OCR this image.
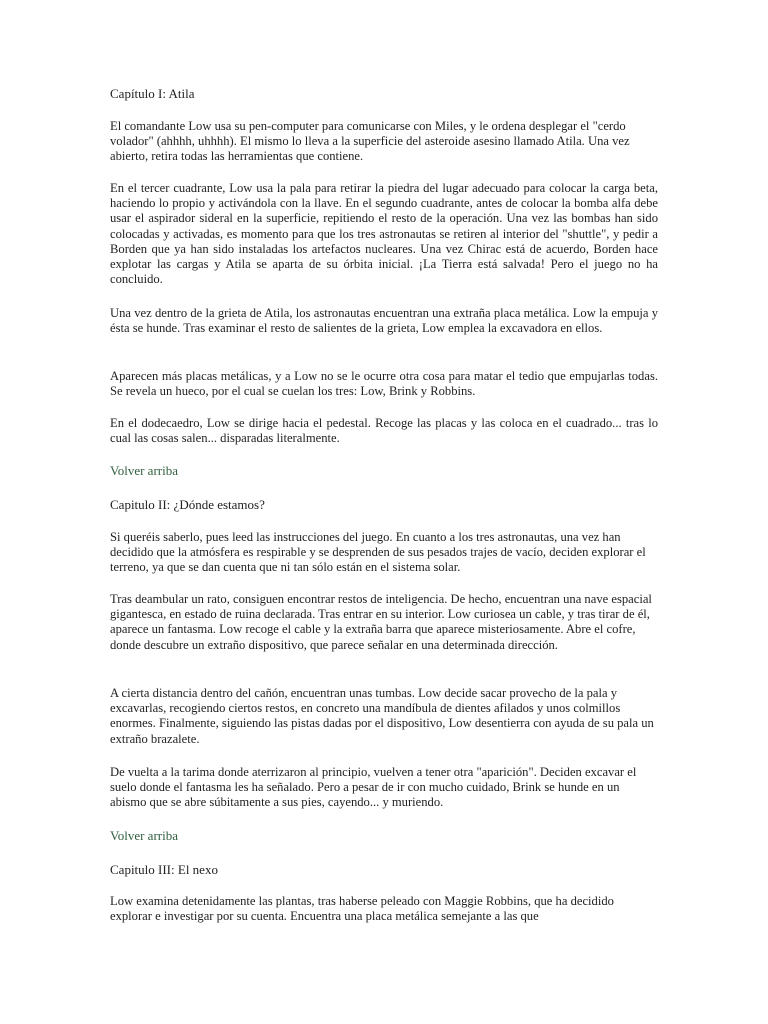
Capítulo I: Atila

El comandante Low usa su pen-computer para comunicarse con Miles, y le ordena desplegar el "cerdo volador" (ahhhh, uhhhh). El mismo lo lleva a la superficie del asteroide asesino llamado Atila. Una vez abierto, retira todas las herramientas que contiene.

En el tercer cuadrante, Low usa la pala para retirar la piedra del lugar adecuado para colocar la carga beta, haciendo lo propio y activándola con la llave. En el segundo cuadrante, antes de colocar la bomba alfa debe usar el aspirador sideral en la superficie, repitiendo el resto de la operación. Una vez las bombas han sido colocadas y activadas, es momento para que los tres astronautas se retiren al interior del "shuttle", y pedir a Borden que ya han sido instaladas los artefactos nucleares. Una vez Chirac está de acuerdo, Borden hace explotar las cargas y Atila se aparta de su órbita inicial. ¡La Tierra está salvada! Pero el juego no ha concluido.

Una vez dentro de la grieta de Atila, los astronautas encuentran una extraña placa metálica. Low la empuja y ésta se hunde. Tras examinar el resto de salientes de la grieta, Low emplea la excavadora en ellos.

Aparecen más placas metálicas, y a Low no se le ocurre otra cosa para matar el tedio que empujarlas todas. Se revela un hueco, por el cual se cuelan los tres: Low, Brink y Robbins.

En el dodecaedro, Low se dirige hacia el pedestal. Recoge las placas y las coloca en el cuadrado... tras lo cual las cosas salen... disparadas literalmente.

Volver arriba
Capitulo II: ¿Dónde estamos?

Si queréis saberlo, pues leed las instrucciones del juego. En cuanto a los tres astronautas, una vez han decidido que la atmósfera es respirable y se desprenden de sus pesados trajes de vacío, deciden explorar el terreno, ya que se dan cuenta que ni tan sólo están en el sistema solar.

Tras deambular un rato, consiguen encontrar restos de inteligencia. De hecho, encuentran una nave espacial gigantesca, en estado de ruina declarada. Tras entrar en su interior. Low curiosea un cable, y tras tirar de él, aparece un fantasma. Low recoge el cable y la extraña barra que aparece misteriosamente. Abre el cofre, donde descubre un extraño dispositivo, que parece señalar en una determinada dirección.

A cierta distancia dentro del cañón, encuentran unas tumbas. Low decide sacar provecho de la pala y excavarlas, recogiendo ciertos restos, en concreto una mandíbula de dientes afilados y unos colmillos enormes. Finalmente, siguiendo las pistas dadas por el dispositivo, Low desentierra con ayuda de su pala un extraño brazalete.

De vuelta a la tarima donde aterrizaron al principio, vuelven a tener otra "aparición". Deciden excavar el suelo donde el fantasma les ha señalado. Pero a pesar de ir con mucho cuidado, Brink se hunde en un abismo que se abre súbitamente a sus pies, cayendo... y muriendo.

Volver arriba
Capitulo III: El nexo

Low examina detenidamente las plantas, tras haberse peleado con Maggie Robbins, que ha decidido explorar e investigar por su cuenta. Encuentra una placa metálica semejante a las que
